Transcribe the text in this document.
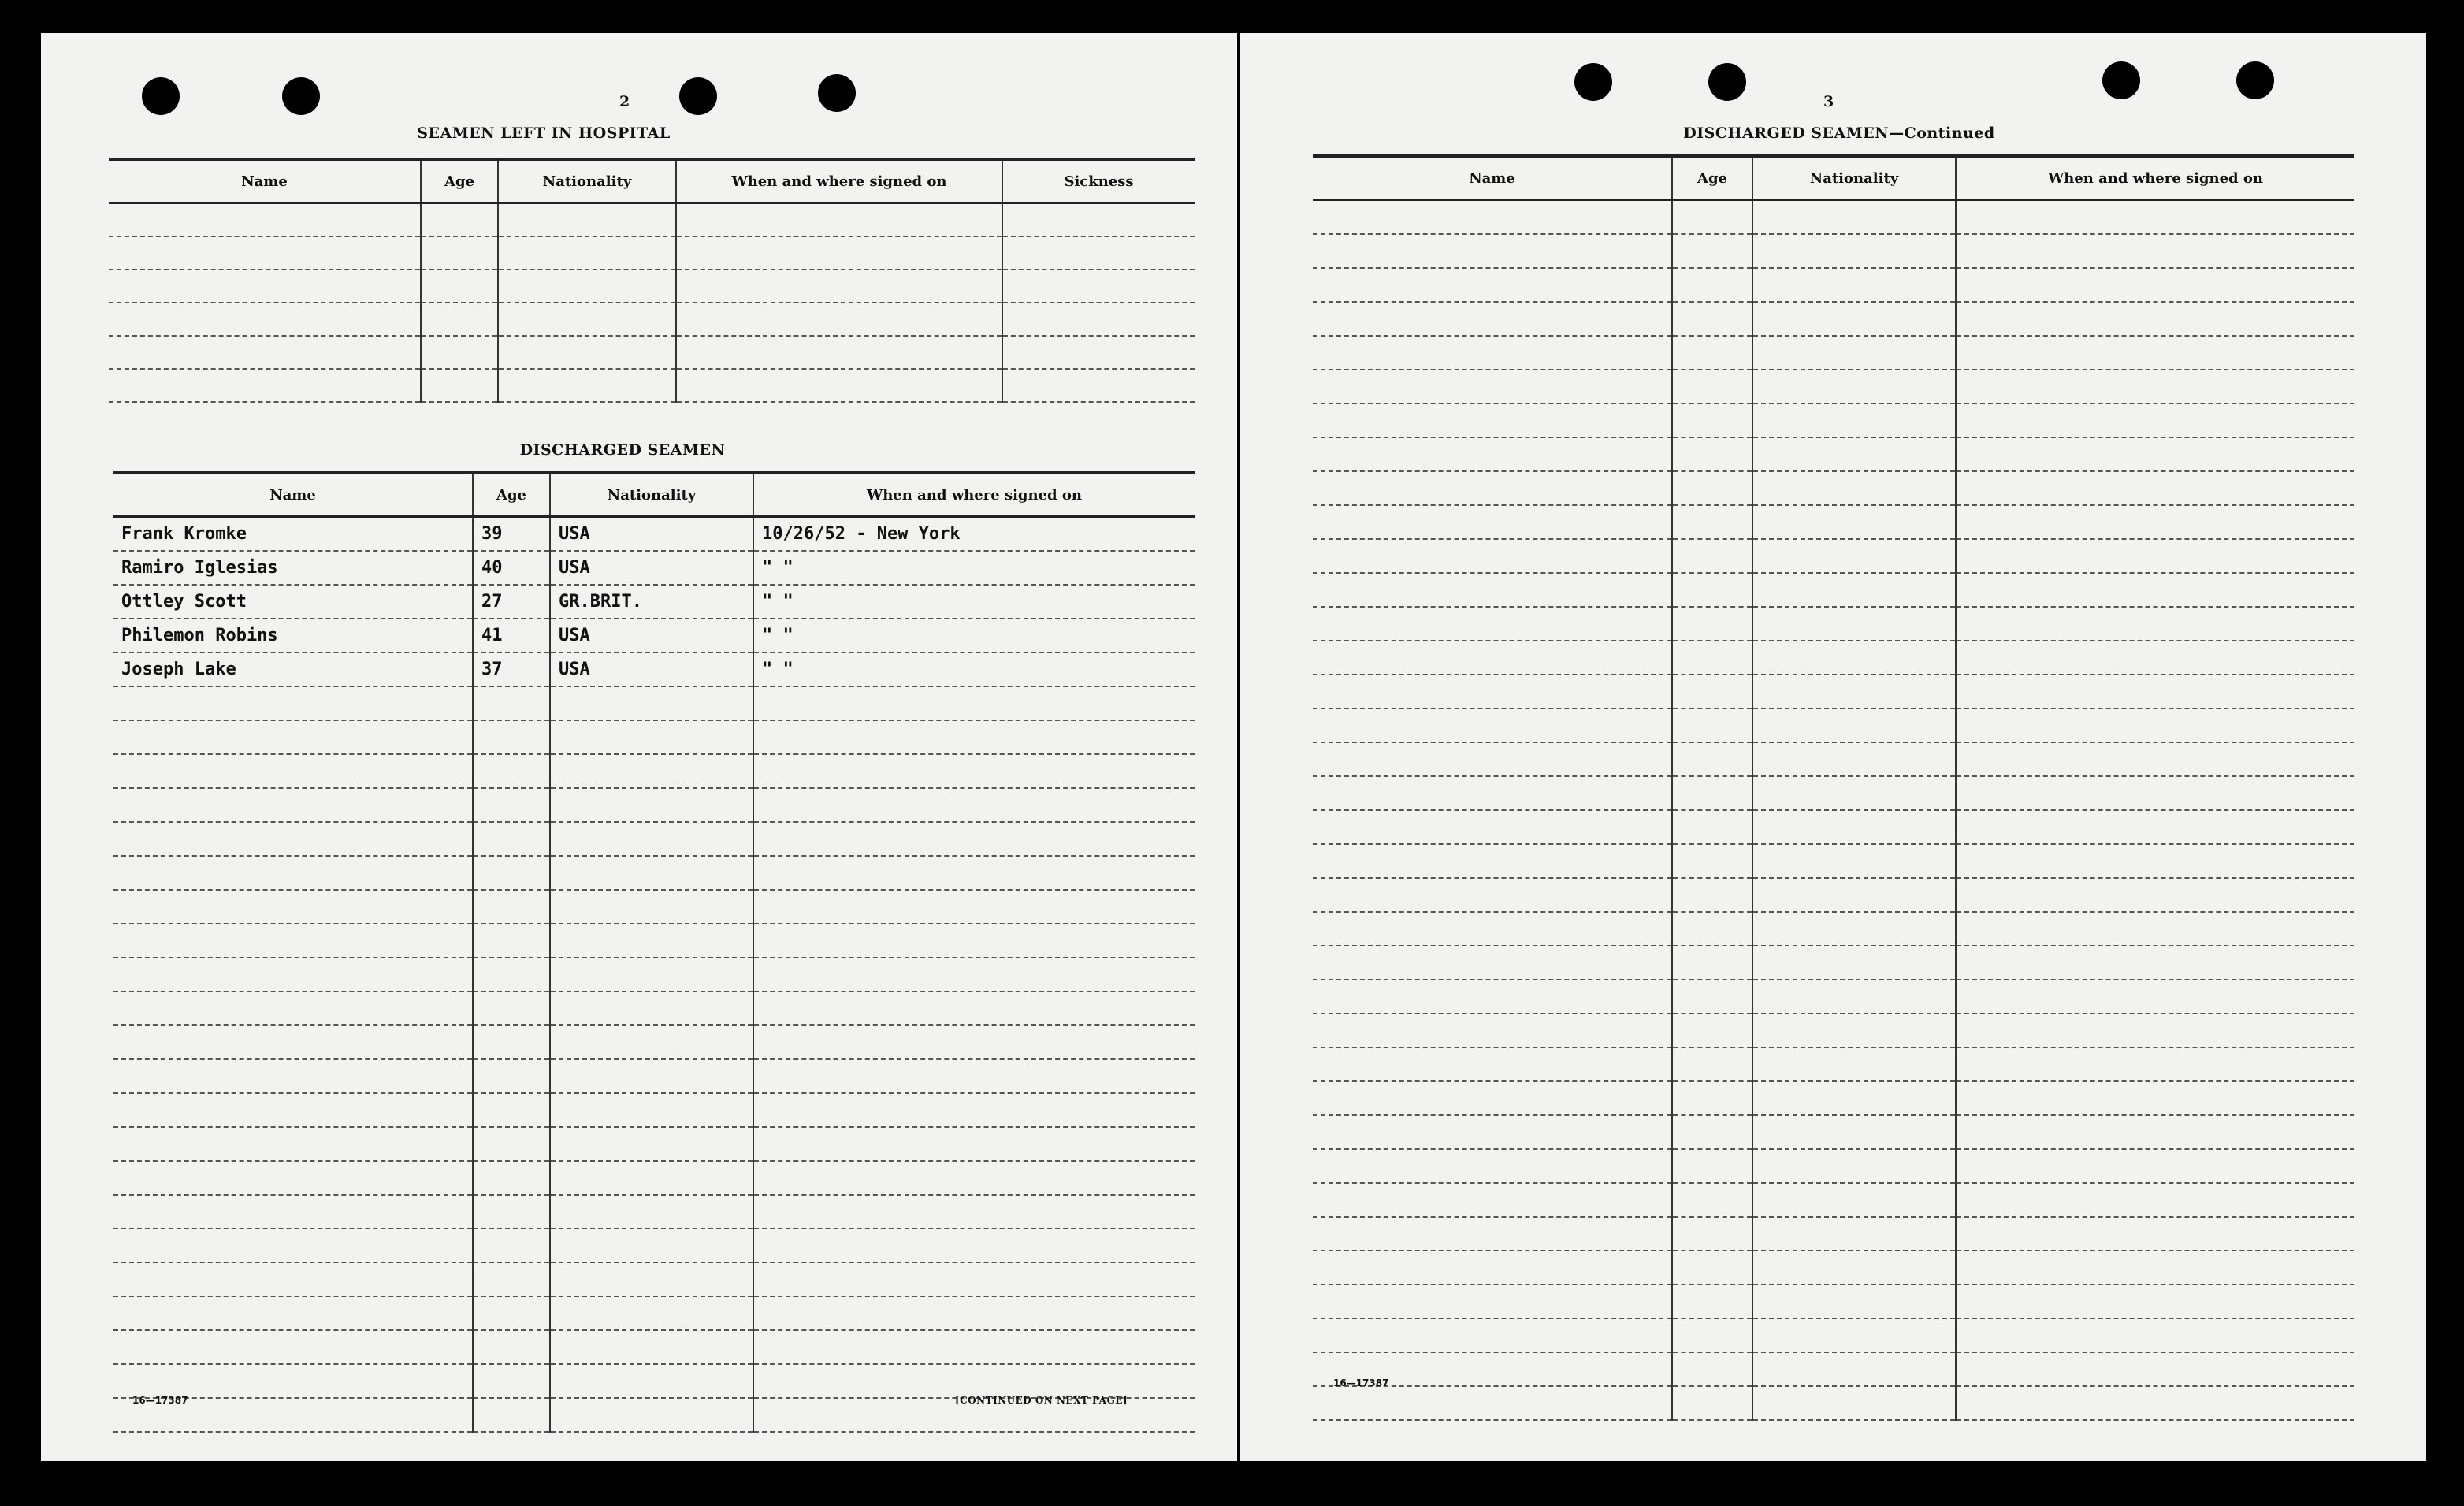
2
SEAMEN LEFT IN HOSPITAL
Name	Age	Nationality	When and where signed on	Sickness

DISCHARGED SEAMEN
Name	Age	Nationality	When and where signed on
Frank Kromke	39	USA	10/26/52 - New York
Ramiro Iglesias	40	USA	" "
Ottley Scott	27	GR.BRIT.	" "
Philemon Robins	41	USA	" "
Joseph Lake	37	USA	" "

16—17387	[CONTINUED ON NEXT PAGE]
3
DISCHARGED SEAMEN—Continued
Name	Age	Nationality	When and where signed on

16—17387
